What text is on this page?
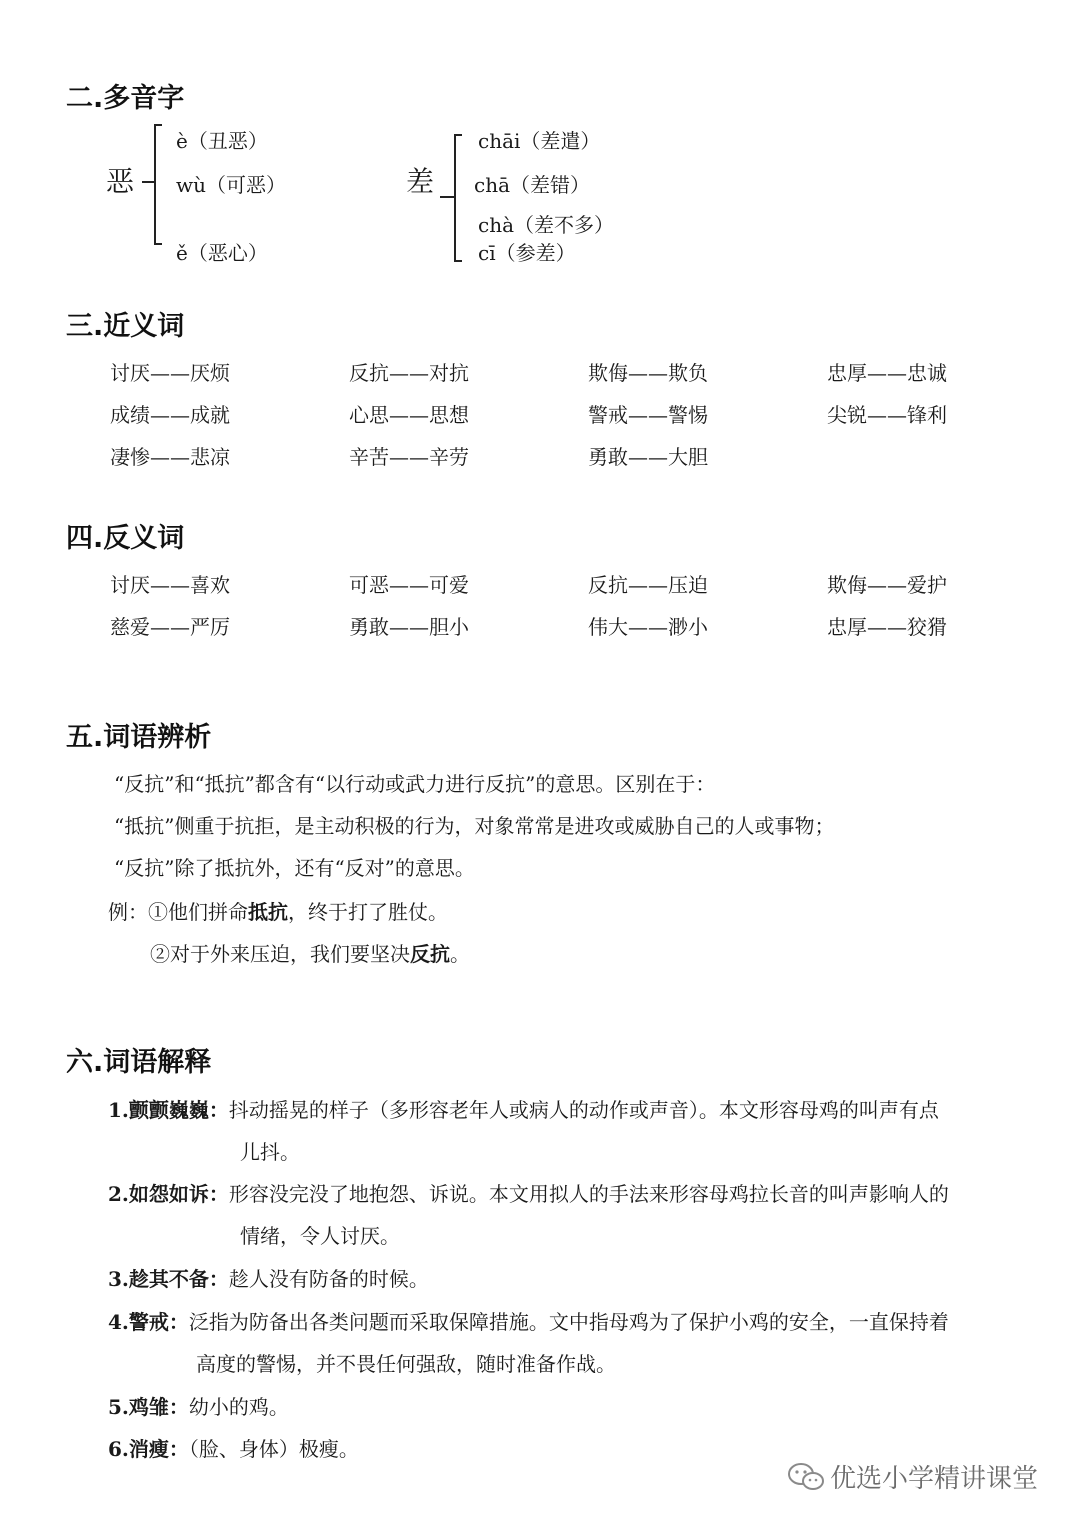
二.多音字
恶
è（丑恶）
wù（可恶）
ě（恶心）
差
chāi（差遣）
chā（差错）
chà（差不多）
cī（参差）
三.近义词
讨厌——厌烦	反抗——对抗	欺侮——欺负	忠厚——忠诚
成绩——成就	心思——思想	警戒——警惕	尖锐——锋利
凄惨——悲凉	辛苦——辛劳	勇敢——大胆
四.反义词
讨厌——喜欢	可恶——可爱	反抗——压迫	欺侮——爱护
慈爱——严厉	勇敢——胆小	伟大——渺小	忠厚——狡猾
五.词语辨析
“反抗”和“抵抗”都含有“以行动或武力进行反抗”的意思。区别在于：
“抵抗”侧重于抗拒，是主动积极的行为，对象常常是进攻或威胁自己的人或事物；
“反抗”除了抵抗外，还有“反对”的意思。
例：①他们拼命抵抗，终于打了胜仗。
②对于外来压迫，我们要坚决反抗。
六.词语解释
1.颤颤巍巍：抖动摇晃的样子（多形容老年人或病人的动作或声音）。本文形容母鸡的叫声有点
儿抖。
2.如怨如诉：形容没完没了地抱怨、诉说。本文用拟人的手法来形容母鸡拉长音的叫声影响人的
情绪，令人讨厌。
3.趁其不备：趁人没有防备的时候。
4.警戒：泛指为防备出各类问题而采取保障措施。文中指母鸡为了保护小鸡的安全，一直保持着
高度的警惕，并不畏任何强敌，随时准备作战。
5.鸡雏：幼小的鸡。
6.消瘦：（脸、身体）极瘦。
优选小学精讲课堂
